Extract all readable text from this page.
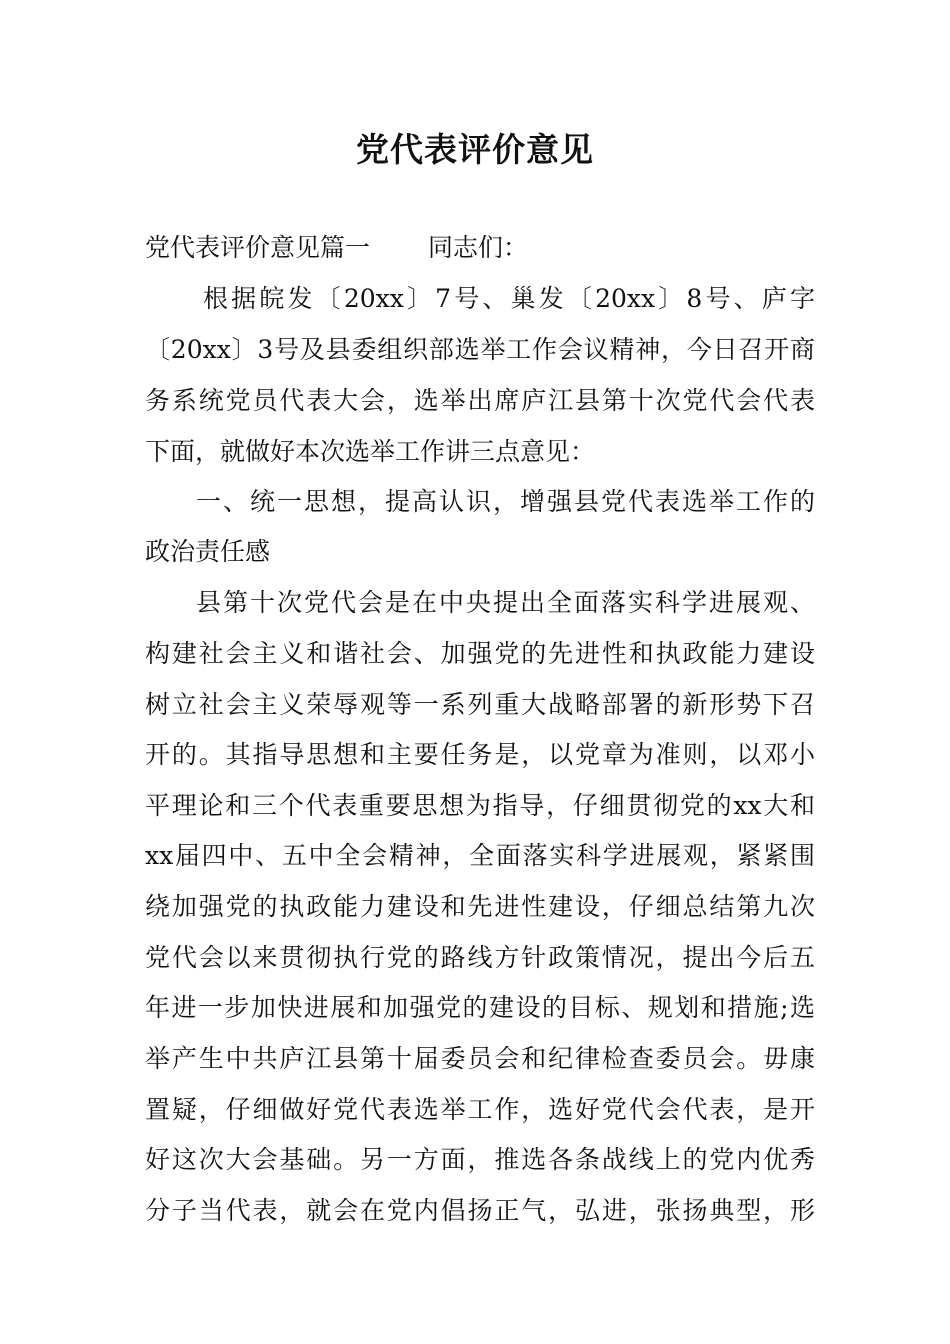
党代表评价意见
党代表评价意见篇一 同志们：
根据皖发〔20xx〕7号、巢发〔20xx〕8号、庐字
〔20xx〕3号及县委组织部选举工作会议精神，今日召开商
务系统党员代表大会，选举出席庐江县第十次党代会代表
下面，就做好本次选举工作讲三点意见：
一、统一思想，提高认识，增强县党代表选举工作的
政治责任感
县第十次党代会是在中央提出全面落实科学进展观、
构建社会主义和谐社会、加强党的先进性和执政能力建设
树立社会主义荣辱观等一系列重大战略部署的新形势下召
开的。其指导思想和主要任务是，以党章为准则，以邓小
平理论和三个代表重要思想为指导，仔细贯彻党的xx大和
xx届四中、五中全会精神，全面落实科学进展观，紧紧围
绕加强党的执政能力建设和先进性建设，仔细总结第九次
党代会以来贯彻执行党的路线方针政策情况，提出今后五
年进一步加快进展和加强党的建设的目标、规划和措施;选
举产生中共庐江县第十届委员会和纪律检查委员会。毋康
置疑，仔细做好党代表选举工作，选好党代会代表，是开
好这次大会基础。另一方面，推选各条战线上的党内优秀
分子当代表，就会在党内倡扬正气，弘进，张扬典型，形
